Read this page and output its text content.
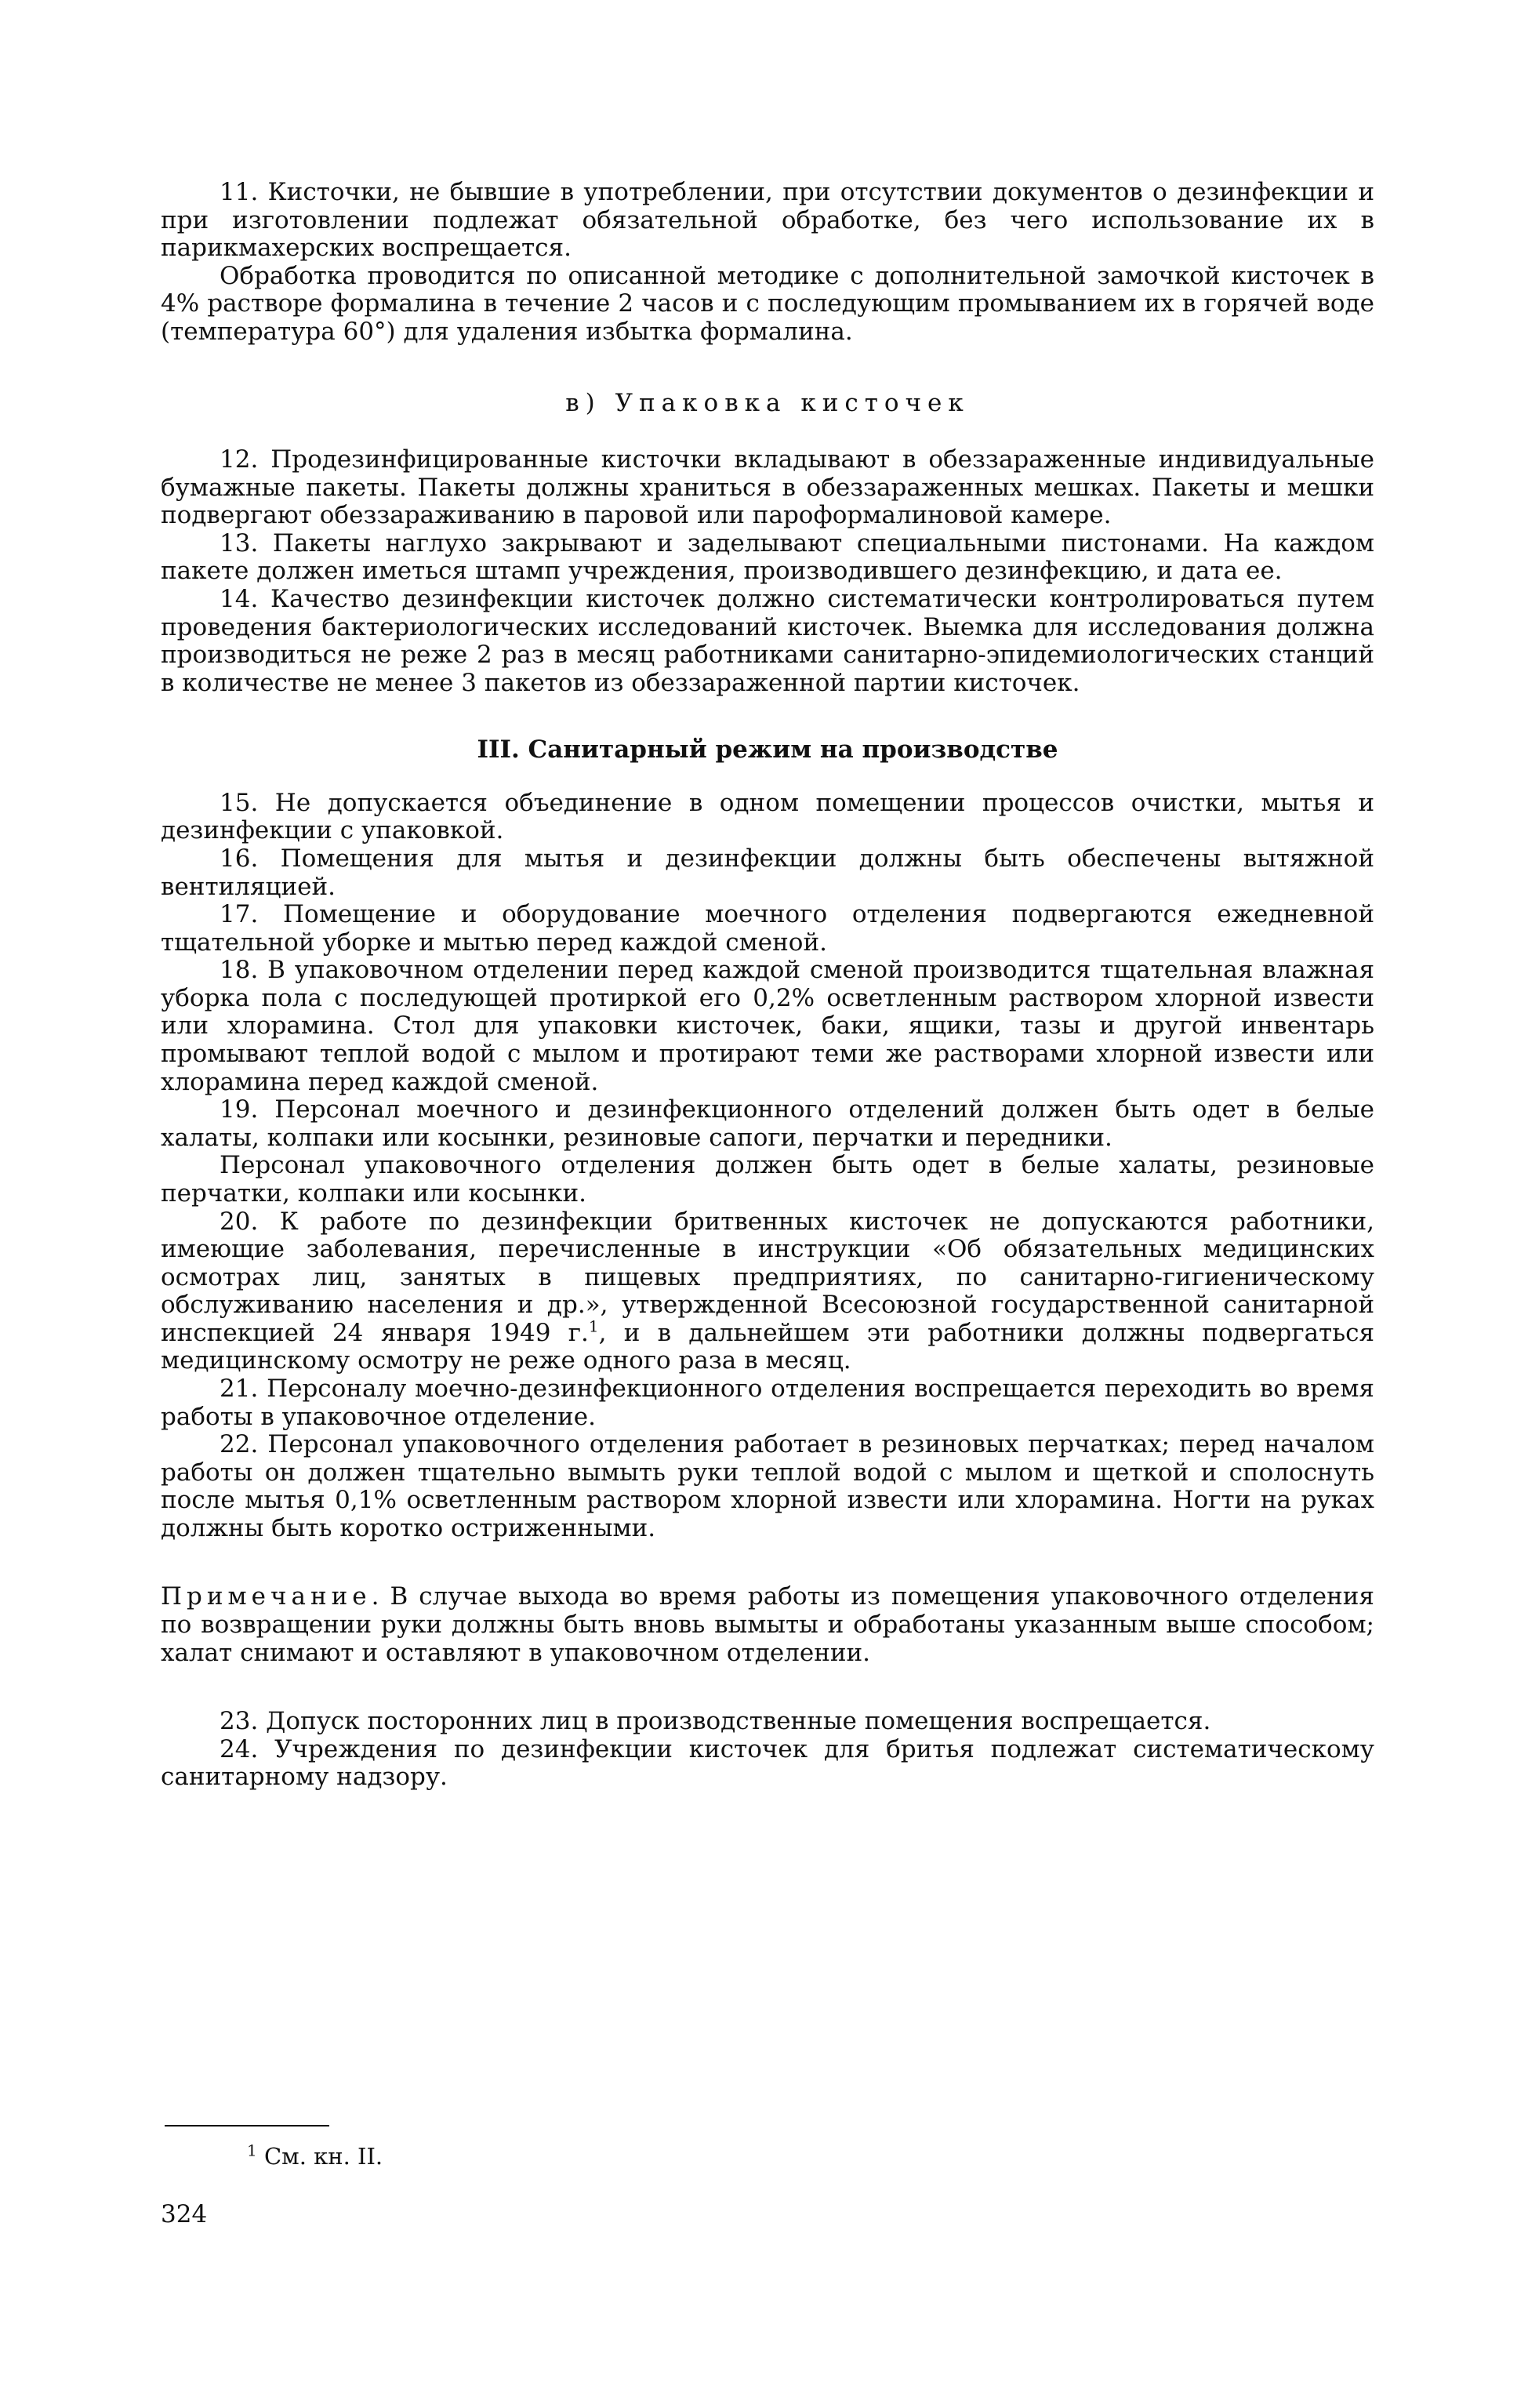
11. Кисточки, не бывшие в употреблении, при отсутствии документов о дезинфекции и при изготовлении подлежат обязательной обработке, без чего использование их в парикмахерских воспрещается.

Обработка проводится по описанной методике с дополнительной замочкой кисточек в 4% растворе формалина в течение 2 часов и с последующим промыванием их в горячей воде (температура 60°) для удаления избытка формалина.

в) Упаковка кисточек

12. Продезинфицированные кисточки вкладывают в обеззараженные индивидуальные бумажные пакеты. Пакеты должны храниться в обеззараженных мешках. Пакеты и мешки подвергают обеззараживанию в паровой или пароформалиновой камере.

13. Пакеты наглухо закрывают и заделывают специальными пистонами. На каждом пакете должен иметься штамп учреждения, производившего дезинфекцию, и дата ее.

14. Качество дезинфекции кисточек должно систематически контролироваться путем проведения бактериологических исследований кисточек. Выемка для исследования должна производиться не реже 2 раз в месяц работниками санитарно-эпидемиологических станций в количестве не менее 3 пакетов из обеззараженной партии кисточек.

III. Санитарный режим на производстве

15. Не допускается объединение в одном помещении процессов очистки, мытья и дезинфекции с упаковкой.

16. Помещения для мытья и дезинфекции должны быть обеспечены вытяжной вентиляцией.

17. Помещение и оборудование моечного отделения подвергаются ежедневной тщательной уборке и мытью перед каждой сменой.

18. В упаковочном отделении перед каждой сменой производится тщательная влажная уборка пола с последующей протиркой его 0,2% осветленным раствором хлорной извести или хлорамина. Стол для упаковки кисточек, баки, ящики, тазы и другой инвентарь промывают теплой водой с мылом и протирают теми же растворами хлорной извести или хлорамина перед каждой сменой.

19. Персонал моечного и дезинфекционного отделений должен быть одет в белые халаты, колпаки или косынки, резиновые сапоги, перчатки и передники.

Персонал упаковочного отделения должен быть одет в белые халаты, резиновые перчатки, колпаки или косынки.

20. К работе по дезинфекции бритвенных кисточек не допускаются работники, имеющие заболевания, перечисленные в инструкции «Об обязательных медицинских осмотрах лиц, занятых в пищевых предприятиях, по санитарно-гигиеническому обслуживанию населения и др.», утвержденной Всесоюзной государственной санитарной инспекцией 24 января 1949 г.$^1$, и в дальнейшем эти работники должны подвергаться медицинскому осмотру не реже одного раза в месяц.

21. Персоналу моечно-дезинфекционного отделения воспрещается переходить во время работы в упаковочное отделение.

22. Персонал упаковочного отделения работает в резиновых перчатках; перед началом работы он должен тщательно вымыть руки теплой водой с мылом и щеткой и сполоснуть после мытья 0,1% осветленным раствором хлорной извести или хлорамина. Ногти на руках должны быть коротко остриженными.

Примечание. В случае выхода во время работы из помещения упаковочного отделения по возвращении руки должны быть вновь вымыты и обработаны указанным выше способом; халат снимают и оставляют в упаковочном отделении.

23. Допуск посторонних лиц в производственные помещения воспрещается.

24. Учреждения по дезинфекции кисточек для бритья подлежат систематическому санитарному надзору.

$^1$ См. кн. II.
324
